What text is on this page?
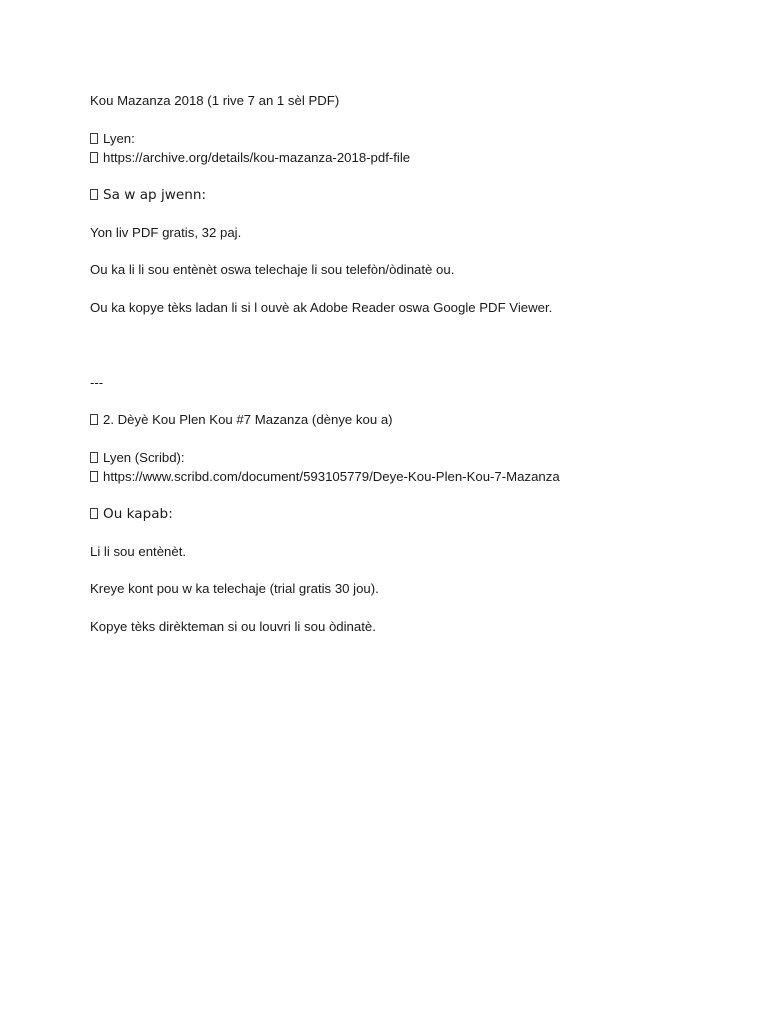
Kou Mazanza 2018 (1 rive 7 an 1 sèl PDF)
Lyen:
https://archive.org/details/kou-mazanza-2018-pdf-file
Sa w ap jwenn:
Yon liv PDF gratis, 32 paj.
Ou ka li li sou entènèt oswa telechaje li sou telefòn/òdinatè ou.
Ou ka kopye tèks ladan li si l ouvè ak Adobe Reader oswa Google PDF Viewer.
---
2. Dèyè Kou Plen Kou #7 Mazanza (dènye kou a)
Lyen (Scribd):
https://www.scribd.com/document/593105779/Deye-Kou-Plen-Kou-7-Mazanza
Ou kapab:
Li li sou entènèt.
Kreye kont pou w ka telechaje (trial gratis 30 jou).
Kopye tèks dirèkteman si ou louvri li sou òdinatè.
